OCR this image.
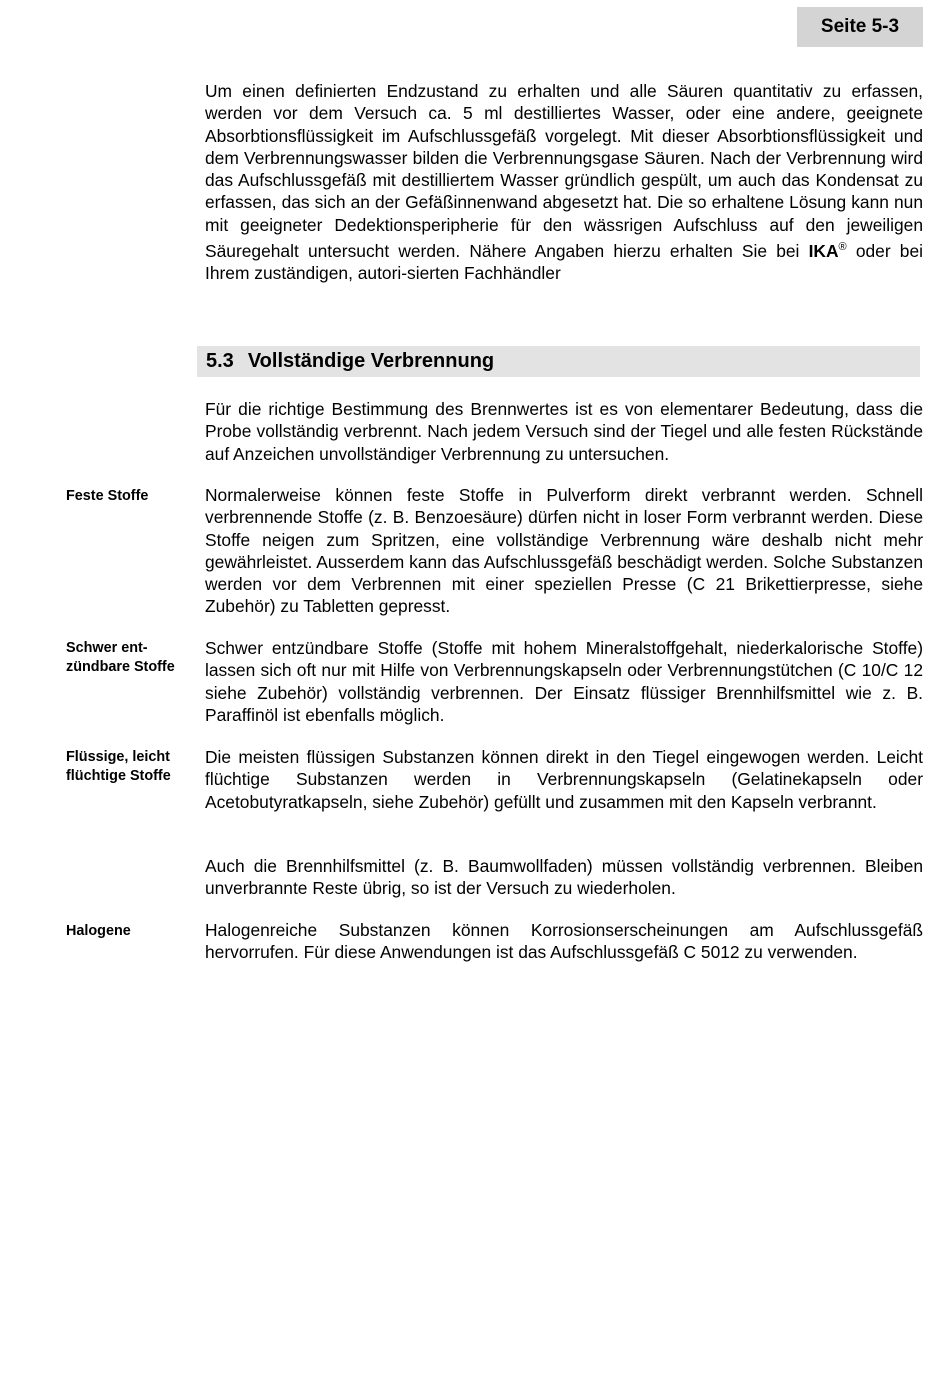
Seite 5-3

Um einen definierten Endzustand zu erhalten und alle Säuren quantitativ zu erfassen, werden vor dem Versuch ca. 5 ml destilliertes Wasser, oder eine andere, geeignete Absorbtionsflüssigkeit im Aufschlussgefäß vorgelegt. Mit dieser Absorbtionsflüssigkeit und dem Verbrennungswasser bilden die Verbrennungsgase Säuren. Nach der Verbrennung wird das Aufschlussgefäß mit destilliertem Wasser gründlich gespült, um auch das Kondensat zu erfassen, das sich an der Gefäßinnenwand abgesetzt hat. Die so erhaltene Lösung kann nun mit geeigneter Dedektionsperipherie für den wässrigen Aufschluss auf den jeweiligen Säuregehalt untersucht werden. Nähere Angaben hierzu erhalten Sie bei IKA® oder bei Ihrem zuständigen, autori-sierten Fachhändler

5.3 Vollständige Verbrennung

Für die richtige Bestimmung des Brennwertes ist es von elementarer Bedeutung, dass die Probe vollständig verbrennt. Nach jedem Versuch sind der Tiegel und alle festen Rückstände auf Anzeichen unvollständiger Verbrennung zu untersuchen.

Feste Stoffe	Normalerweise können feste Stoffe in Pulverform direkt verbrannt werden. Schnell verbrennende Stoffe (z. B. Benzoesäure) dürfen nicht in loser Form verbrannt werden. Diese Stoffe neigen zum Spritzen, eine vollständige Verbrennung wäre deshalb nicht mehr gewährleistet. Ausserdem kann das Aufschlussgefäß beschädigt werden. Solche Substanzen werden vor dem Verbrennen mit einer speziellen Presse (C 21 Brikettierpresse, siehe Zubehör) zu Tabletten gepresst.

Schwer ent-
zündbare Stoffe

Schwer entzündbare Stoffe (Stoffe mit hohem Mineralstoffgehalt, niederkalorische Stoffe) lassen sich oft nur mit Hilfe von Verbrennungskapseln oder Verbrennungstütchen (C 10/C 12 siehe Zubehör) vollständig verbrennen. Der Einsatz flüssiger Brennhilfsmittel wie z. B. Paraffinöl ist ebenfalls möglich.

Flüssige, leicht
flüchtige Stoffe

Die meisten flüssigen Substanzen können direkt in den Tiegel eingewogen werden. Leicht flüchtige Substanzen werden in Verbrennungskapseln (Gelatinekapseln oder Acetobutyratkapseln, siehe Zubehör) gefüllt und zusammen mit den Kapseln verbrannt.

Auch die Brennhilfsmittel (z. B. Baumwollfaden) müssen vollständig verbrennen. Bleiben unverbrannte Reste übrig, so ist der Versuch zu wiederholen.

Halogene	Halogenreiche Substanzen können Korrosionserscheinungen am Aufschlussgefäß hervorrufen. Für diese Anwendungen ist das Aufschlussgefäß C 5012 zu verwenden.
